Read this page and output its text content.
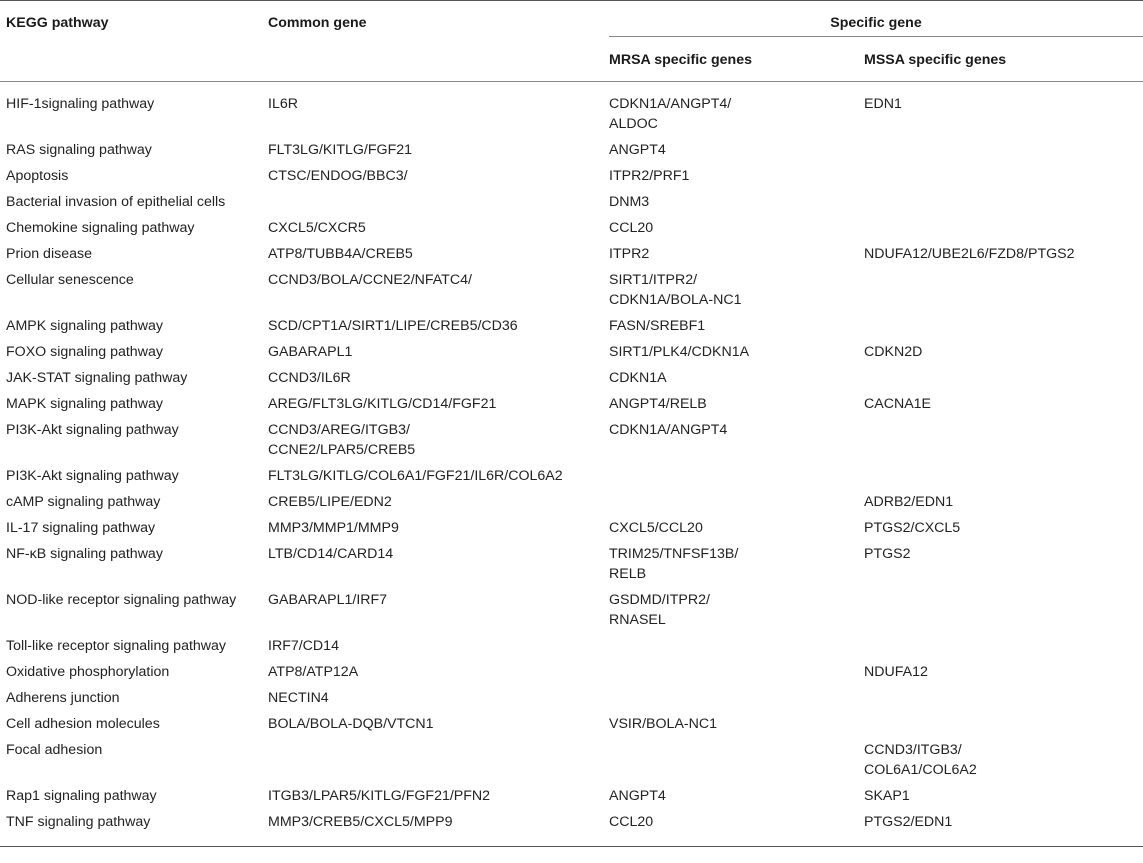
KEGG pathway	Common gene	Specific gene	
		MRSA specific genes	MSSA specific genes

HIF-1signaling pathway	IL6R	CDKN1A/ANGPT4/
ALDOC	EDN1

RAS signaling pathway	FLT3LG/KITLG/FGF21	ANGPT4	

Apoptosis	CTSC/ENDOG/BBC3/	ITPR2/PRF1	

Bacterial invasion of epithelial cells		DNM3	

Chemokine signaling pathway	CXCL5/CXCR5	CCL20	

Prion disease	ATP8/TUBB4A/CREB5	ITPR2	NDUFA12/UBE2L6/FZD8/PTGS2

Cellular senescence	CCND3/BOLA/CCNE2/NFATC4/	SIRT1/ITPR2/
CDKN1A/BOLA-NC1	

AMPK signaling pathway	SCD/CPT1A/SIRT1/LIPE/CREB5/CD36	FASN/SREBF1	

FOXO signaling pathway	GABARAPL1	SIRT1/PLK4/CDKN1A	CDKN2D

JAK-STAT signaling pathway	CCND3/IL6R	CDKN1A	

MAPK signaling pathway	AREG/FLT3LG/KITLG/CD14/FGF21	ANGPT4/RELB	CACNA1E

PI3K-Akt signaling pathway	CCND3/AREG/ITGB3/
CCNE2/LPAR5/CREB5	CDKN1A/ANGPT4	

PI3K-Akt signaling pathway	FLT3LG/KITLG/COL6A1/FGF21/IL6R/COL6A2		

cAMP signaling pathway	CREB5/LIPE/EDN2		ADRB2/EDN1

IL-17 signaling pathway	MMP3/MMP1/MMP9	CXCL5/CCL20	PTGS2/CXCL5

NF-κB signaling pathway	LTB/CD14/CARD14	TRIM25/TNFSF13B/
RELB	PTGS2

NOD-like receptor signaling pathway	GABARAPL1/IRF7	GSDMD/ITPR2/
RNASEL	

Toll-like receptor signaling pathway	IRF7/CD14		

Oxidative phosphorylation	ATP8/ATP12A		NDUFA12

Adherens junction	NECTIN4		

Cell adhesion molecules	BOLA/BOLA-DQB/VTCN1	VSIR/BOLA-NC1	

Focal adhesion			CCND3/ITGB3/
COL6A1/COL6A2

Rap1 signaling pathway	ITGB3/LPAR5/KITLG/FGF21/PFN2	ANGPT4	SKAP1

TNF signaling pathway	MMP3/CREB5/CXCL5/MPP9	CCL20	PTGS2/EDN1
